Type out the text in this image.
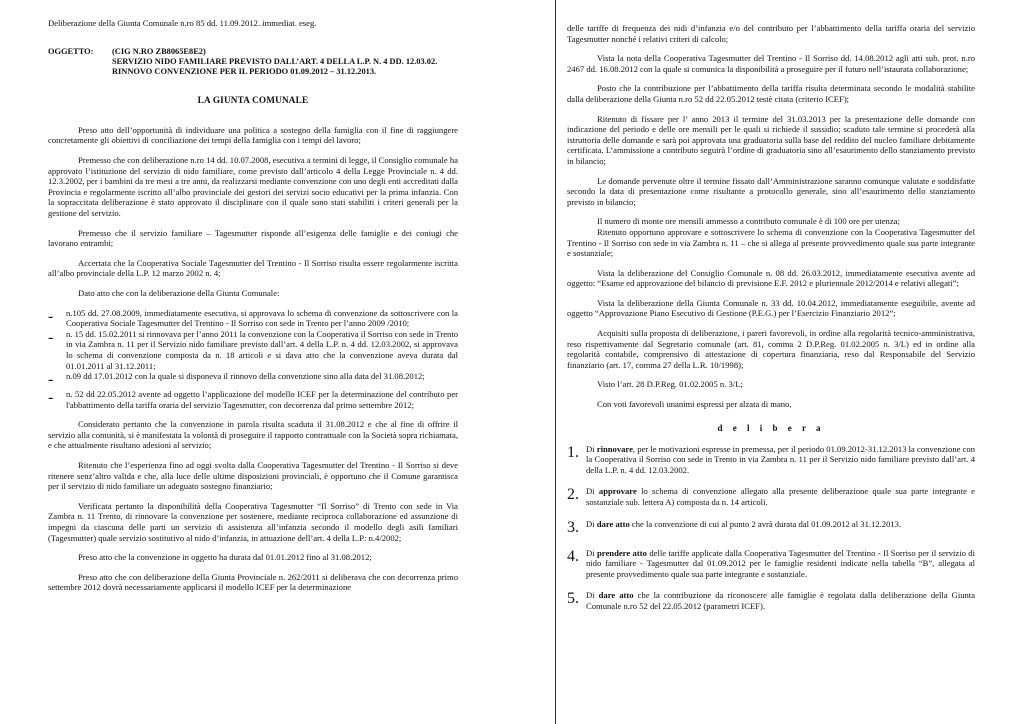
Deliberazione della Giunta Comunale n.ro 85 dd. 11.09.2012. immediat. eseg.

OGGETTO:	(CIG N.RO ZB8065E8E2)
SERVIZIO NIDO FAMILIARE PREVISTO DALL’ART. 4 DELLA L.P. N. 4 DD. 12.03.02.
RINNOVO CONVENZIONE PER IL PERIODO 01.09.2012 – 31.12.2013.
LA GIUNTA COMUNALE

Preso atto dell’opportunità di individuare una politica a sostegno della famiglia con il fine di raggiungere concretamente gli obiettivi di conciliazione dei tempi della famiglia con i tempi del lavoro;

Premesso che con deliberazione n.ro 14 dd. 10.07.2008, esecutiva a termini di legge, il Consiglio comunale ha approvato l’istituzione del servizio di nido familiare, come previsto dall’articolo 4 della Legge Provinciale n. 4 dd. 12.3.2002, per i bambini da tre mesi a tre anni, da realizzarsi mediante convenzione con uno degli enti accreditati dalla Provincia e regolarmente iscritto all’albo provinciale dei gestori dei servizi socio educativi per la prima infanzia. Con la sopraccitata deliberazione è stato approvato il disciplinare con il quale sono stati stabiliti i criteri generali per la gestione del servizio.

Premesso che il servizio familiare – Tagesmutter risponde all’esigenza delle famiglie e dei coniugi che lavorano entrambi;

Accertata che la Cooperativa Sociale Tagesmutter del Trentino - Il Sorriso risulta essere regolarmente iscritta all’albo provinciale della L.P. 12 marzo 2002 n. 4;

Dato atto che con la deliberazione della Giunta Comunale:

-	n.105 dd. 27.08.2009, immediatamente esecutiva, si approvava lo schema di convenzione da sottoscrivere con la Cooperativa Sociale Tagesmutter del Trentino - Il Sorriso con sede in Trento per l’anno 2009 /2010;

-	n. 15 dd. 15.02.2011 si rinnovava per l’anno 2011 la convenzione con la Cooperativa il Sorriso con sede in Trento in via Zambra n. 11 per il Servizio nido familiare previsto dall’art. 4 della L.P. n. 4 dd. 12.03.2002, si approvava lo schema di convenzione composta da n. 18 articoli e si dava atto che la convenzione aveva durata dal 01.01.2011 al 31.12.2011;

-	n.09 dd 17.01.2012 con la quale si disponeva il rinnovo della convenzione sino alla data del 31.08.2012;

-	n. 52 dd 22.05.2012 avente ad oggetto l’applicazione del modello ICEF per la determinazione del contributo per l'abbattimento della tariffa oraria del servizio Tagesmutter, con decorrenza dal primo settembre 2012;

Considerato pertanto che la convenzione in parola risulta scaduta il 31.08.2012 e che al fine di offrire il servizio alla comunità, si è manifestata la volontà di proseguire il rapporto contrattuale con la Società sopra richiamata, e che attualmente risultano adesioni al servizio;

Ritenuto che l’esperienza fino ad oggi svolta dalla Cooperativa Tagesmutter del Trentino - Il Sorriso si deve ritenere senz’altro valida e che, alla luce delle ultime disposizioni provinciali, è opportuno che il Comune garantisca per il servizio di nido familiare un adeguato sostegno finanziario;

Verificata pertanto la disponibilità della Cooperativa Tagesmutter “Il Sorriso” di Trento con sede in Via Zambra n. 11 Trento, di rinnovare la convenzione per sostenere, mediante reciproca collaborazione ed assunzione di impegni da ciascuna delle parti un servizio di assistenza all’infanzia secondo il modello degli asili familiari (Tagesmutter) quale servizio sostitutivo al nido d’infanzia, in attuazione dell’art. 4 della L.P: n.4/2002;

Preso atto che la convenzione in oggetto ha durata dal 01.01.2012 fino al 31.08.2012;

Preso atto che con deliberazione della Giunta Provinciale n. 262/2011 si deliberava che con decorrenza primo settembre 2012 dovrà necessariamente applicarsi il modello ICEF per la determinazione

delle tariffe di frequenza dei nidi d’infanzia e/o del contributo per l’abbattimento della tariffa oraria del servizio Tagesmutter nonché i relativi criteri di calcolo;

Vista la nota della Cooperativa Tagesmutter del Trentino - Il Sorriso dd. 14.08.2012 agli atti sub. prot. n.ro 2467 dd. 16.08.2012 con la quale si comunica la disponibilità a proseguire per il futuro nell’istaurata collaborazione;

Posto che la contribuzione per l’abbattimento della tariffa risulta determinata secondo le modalità stabilite dalla deliberazione della Giunta n.ro 52 dd 22.05.2012 testè citata (criterio ICEF);

Ritenuto di fissare per l’ anno 2013 il termine del 31.03.2013 per la presentazione delle domande con indicazione del periodo e delle ore mensili per le quali si richiede il sussidio; scaduto tale termine si procederà alla istruttoria delle domande e sarà poi approvata una graduatoria sulla base del reddito del nucleo familiare debitamente certificata. L’ammissione a contributo seguirà l’ordine di graduatoria sino all’esaurimento dello stanziamento previsto in bilancio;

Le domande pervenute oltre il termine fissato dall’Amministrazione saranno comunque valutate e soddisfatte secondo la data di presentazione come risultante a protocollo generale, sino all’esaurimento dello stanziamento previsto in bilancio;

Il numero di monte ore mensili ammesso a contributo comunale è di 100 ore per utenza;

Ritenuto opportuno approvare e sottoscrivere lo schema di convenzione con la Cooperativa Tagesmutter del Trentino - Il Sorriso con sede in via Zambra n. 11 – che si allega al presente provvedimento quale sua parte integrante e sostanziale;

Vista la deliberazione del Consiglio Comunale n. 08 dd. 26.03.2012, immediatamente esecutiva avente ad oggetto: “Esame ed approvazione del bilancio di previsione E.F. 2012 e pluriennale 2012/2014 e relativi allegati”;

Vista la deliberazione della Giunta Comunale n. 33 dd. 10.04.2012, immediatamente eseguibile, avente ad oggetto “Approvazione Piano Esecutivo di Gestione (P.E.G.) per l’Esercizio Finanziario 2012”;

Acquisiti sulla proposta di deliberazione, i pareri favorevoli, in ordine alla regolarità tecnico-amministrativa, reso rispettivamente dal Segretario comunale (art. 81, comma 2 D.P.Reg. 01.02.2005 n. 3/L) ed in ordine alla regolarità contabile, comprensivo di attestazione di copertura finanziaria, reso dal Responsabile del Servizio finanziario (art. 17, comma 27 della L.R. 10/1998);

Visto l’art. 28 D.P.Reg. 01.02.2005 n. 3/L;

Con voti favorevoli unanimi espressi per alzata di mano,

d e l i b e r a
1. Di rinnovare, per le motivazioni espresse in premessa, per il periodo 01.09.2012-31.12.2013 la convenzione con la Cooperativa il Sorriso con sede in Trento in via Zambra n. 11 per il Servizio nido familiare previsto dall’art. 4 della L.P. n. 4 dd. 12.03.2002.

2. Di approvare lo schema di convenzione allegato alla presente deliberazione quale sua parte integrante e sostanziale sub. lettera A) composta da n. 14 articoli.

3. Di dare atto che la convenzione di cui al punto 2 avrà durata dal 01.09.2012 al 31.12.2013.

4. Di prendere atto delle tariffe applicate dalla Cooperativa Tagesmutter del Trentino - Il Sorriso per il servizio di nido familiare - Tagesmutter dal 01.09.2012 per le famiglie residenti indicate nella tabella “B”, allegata al presente provvedimento quale sua parte integrante e sostanziale.

5. Di dare atto che la contribuzione da riconoscere alle famiglie è regolata dalla deliberazione della Giunta Comunale n.ro 52 del 22.05.2012 (parametri ICEF).
